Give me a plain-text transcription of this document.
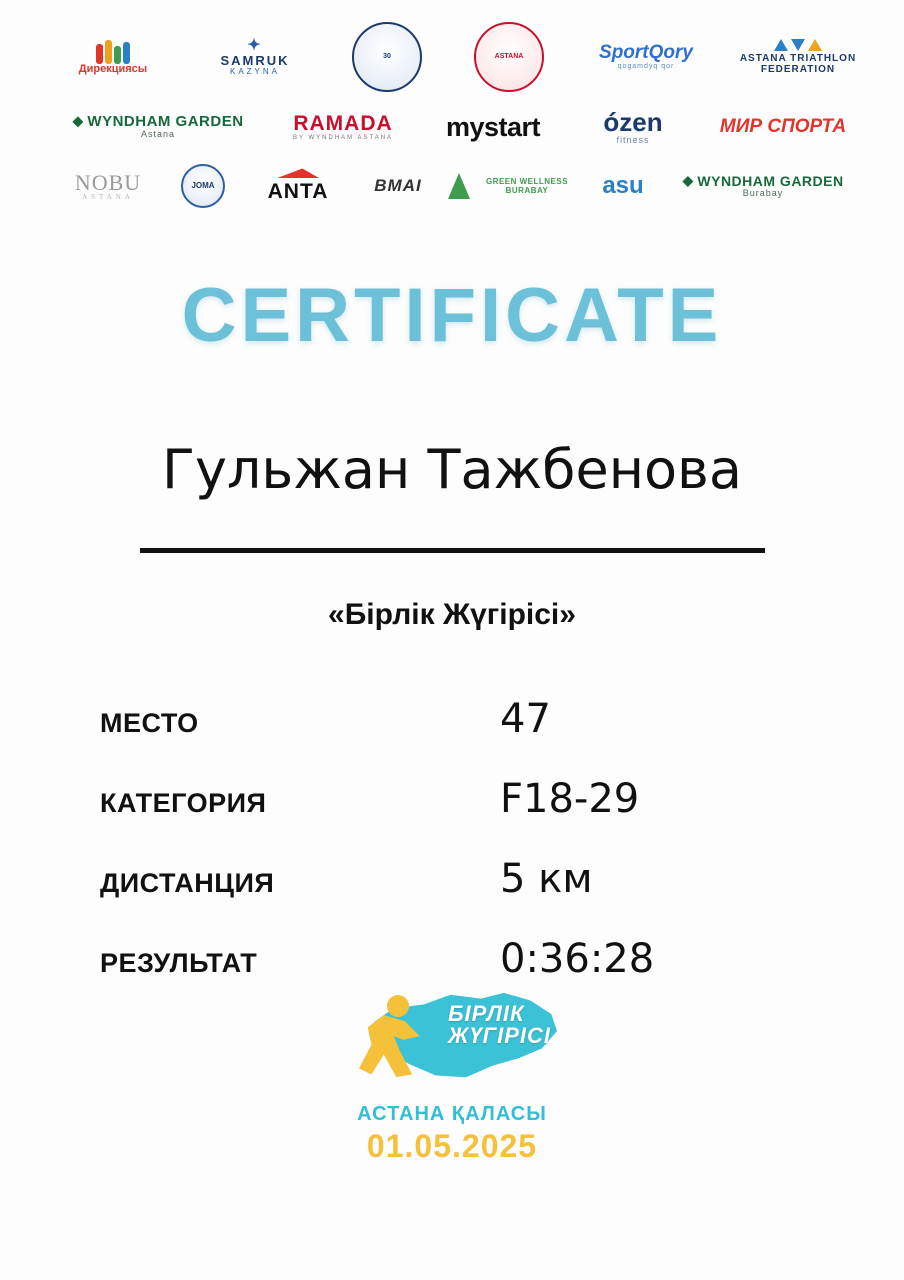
Дирекциясы
✦
SAMRUK
KAZYNA
30	ASTANA	SportQory
qogamdyq qor
ASTANA TRIATHLON FEDERATION
WYNDHAM GARDEN
Astana	RAMADA
BY WYNDHAM ASTANA mystart ózen
fitness
МИР СПОРТА
NOBU
ASTANA
JOMA	ANTA	BMAI	GREEN WELLNESS BURABAY	asu	WYNDHAM GARDEN
Burabay
CERTIFICATE
Гульжан Тажбенова
«Бірлік Жүгірісі»
МЕСТО	47
КАТЕГОРИЯ	F18-29
ДИСТАНЦИЯ	5 км
РЕЗУЛЬТАТ	0:36:28
БІРЛІК
ЖҮГІРІСІ
АСТАНА ҚАЛАСЫ
01.05.2025
